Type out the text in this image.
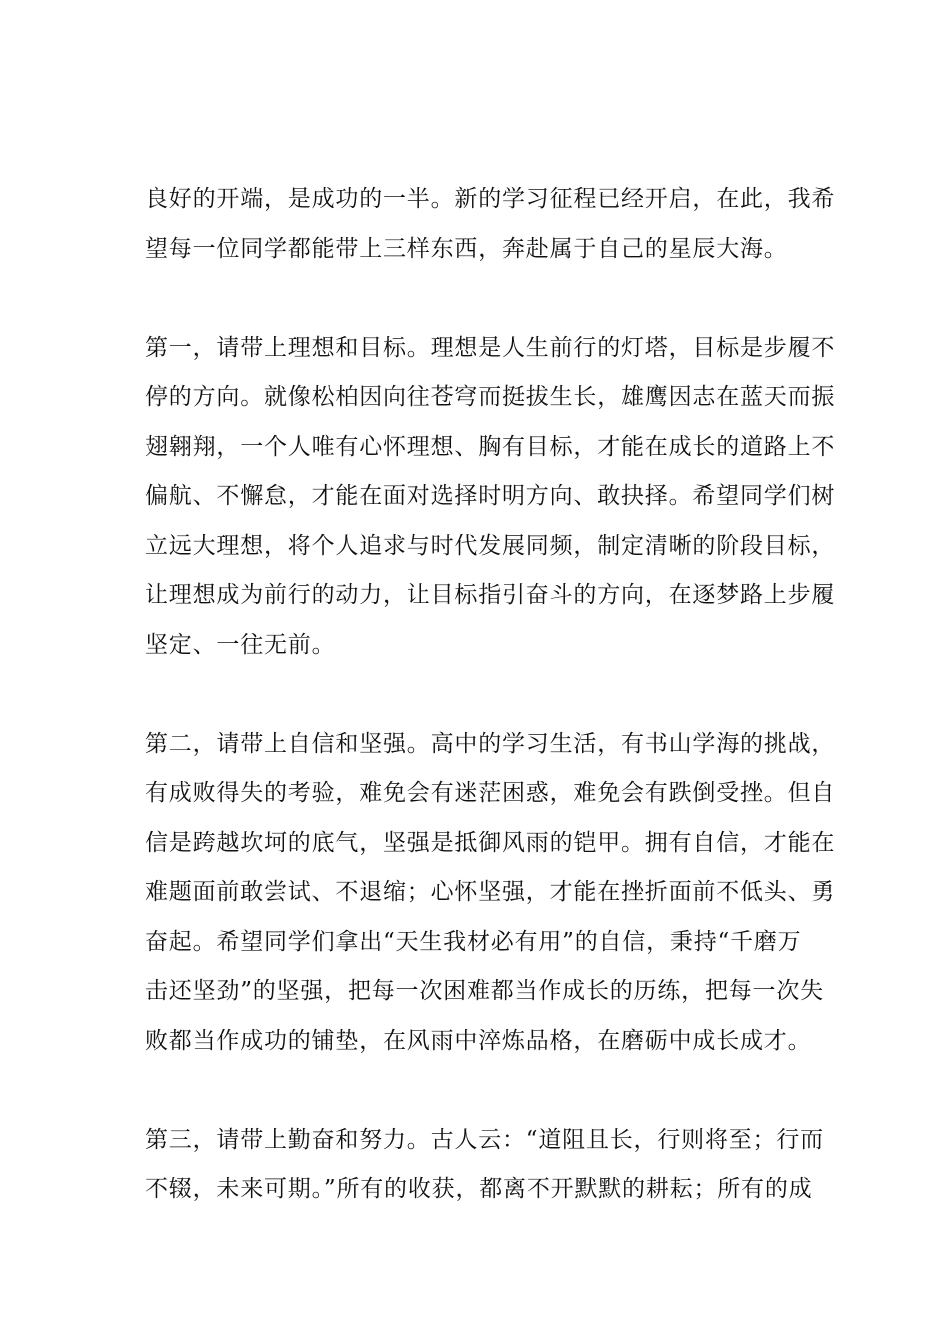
良好的开端，是成功的一半。新的学习征程已经开启，在此，我希
望每一位同学都能带上三样东西，奔赴属于自己的星辰大海。

第一，请带上理想和目标。理想是人生前行的灯塔，目标是步履不
停的方向。就像松柏因向往苍穹而挺拔生长，雄鹰因志在蓝天而振
翅翱翔，一个人唯有心怀理想、胸有目标，才能在成长的道路上不
偏航、不懈怠，才能在面对选择时明方向、敢抉择。希望同学们树
立远大理想，将个人追求与时代发展同频，制定清晰的阶段目标，
让理想成为前行的动力，让目标指引奋斗的方向，在逐梦路上步履
坚定、一往无前。

第二，请带上自信和坚强。高中的学习生活，有书山学海的挑战，
有成败得失的考验，难免会有迷茫困惑，难免会有跌倒受挫。但自
信是跨越坎坷的底气，坚强是抵御风雨的铠甲。拥有自信，才能在
难题面前敢尝试、不退缩；心怀坚强，才能在挫折面前不低头、勇
奋起。希望同学们拿出“天生我材必有用”的自信，秉持“千磨万
击还坚劲”的坚强，把每一次困难都当作成长的历练，把每一次失
败都当作成功的铺垫，在风雨中淬炼品格，在磨砺中成长成才。

第三，请带上勤奋和努力。古人云：“道阻且长，行则将至；行而
不辍，未来可期。”所有的收获，都离不开默默的耕耘；所有的成
